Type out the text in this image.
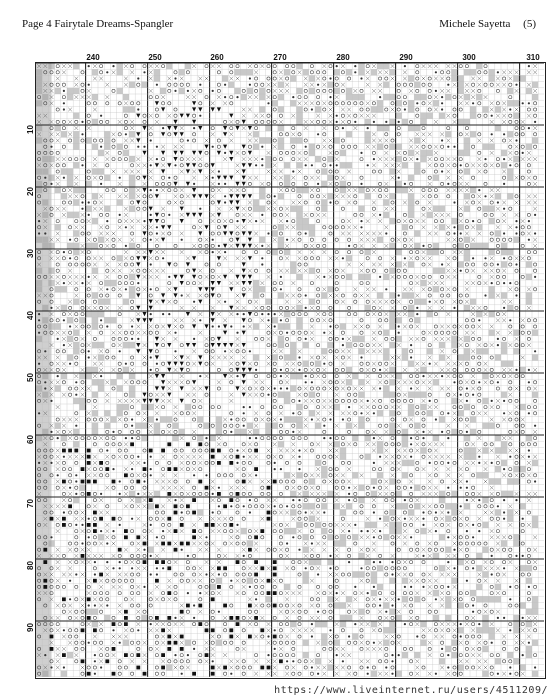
Page 4 Fairytale Dreams-Spangler	Michele Sayetta (5)
240	250	260	270	280	290	300	310
10
20
30
40
50
60
70
80
90
https://www.liveinternet.ru/users/4511209/
